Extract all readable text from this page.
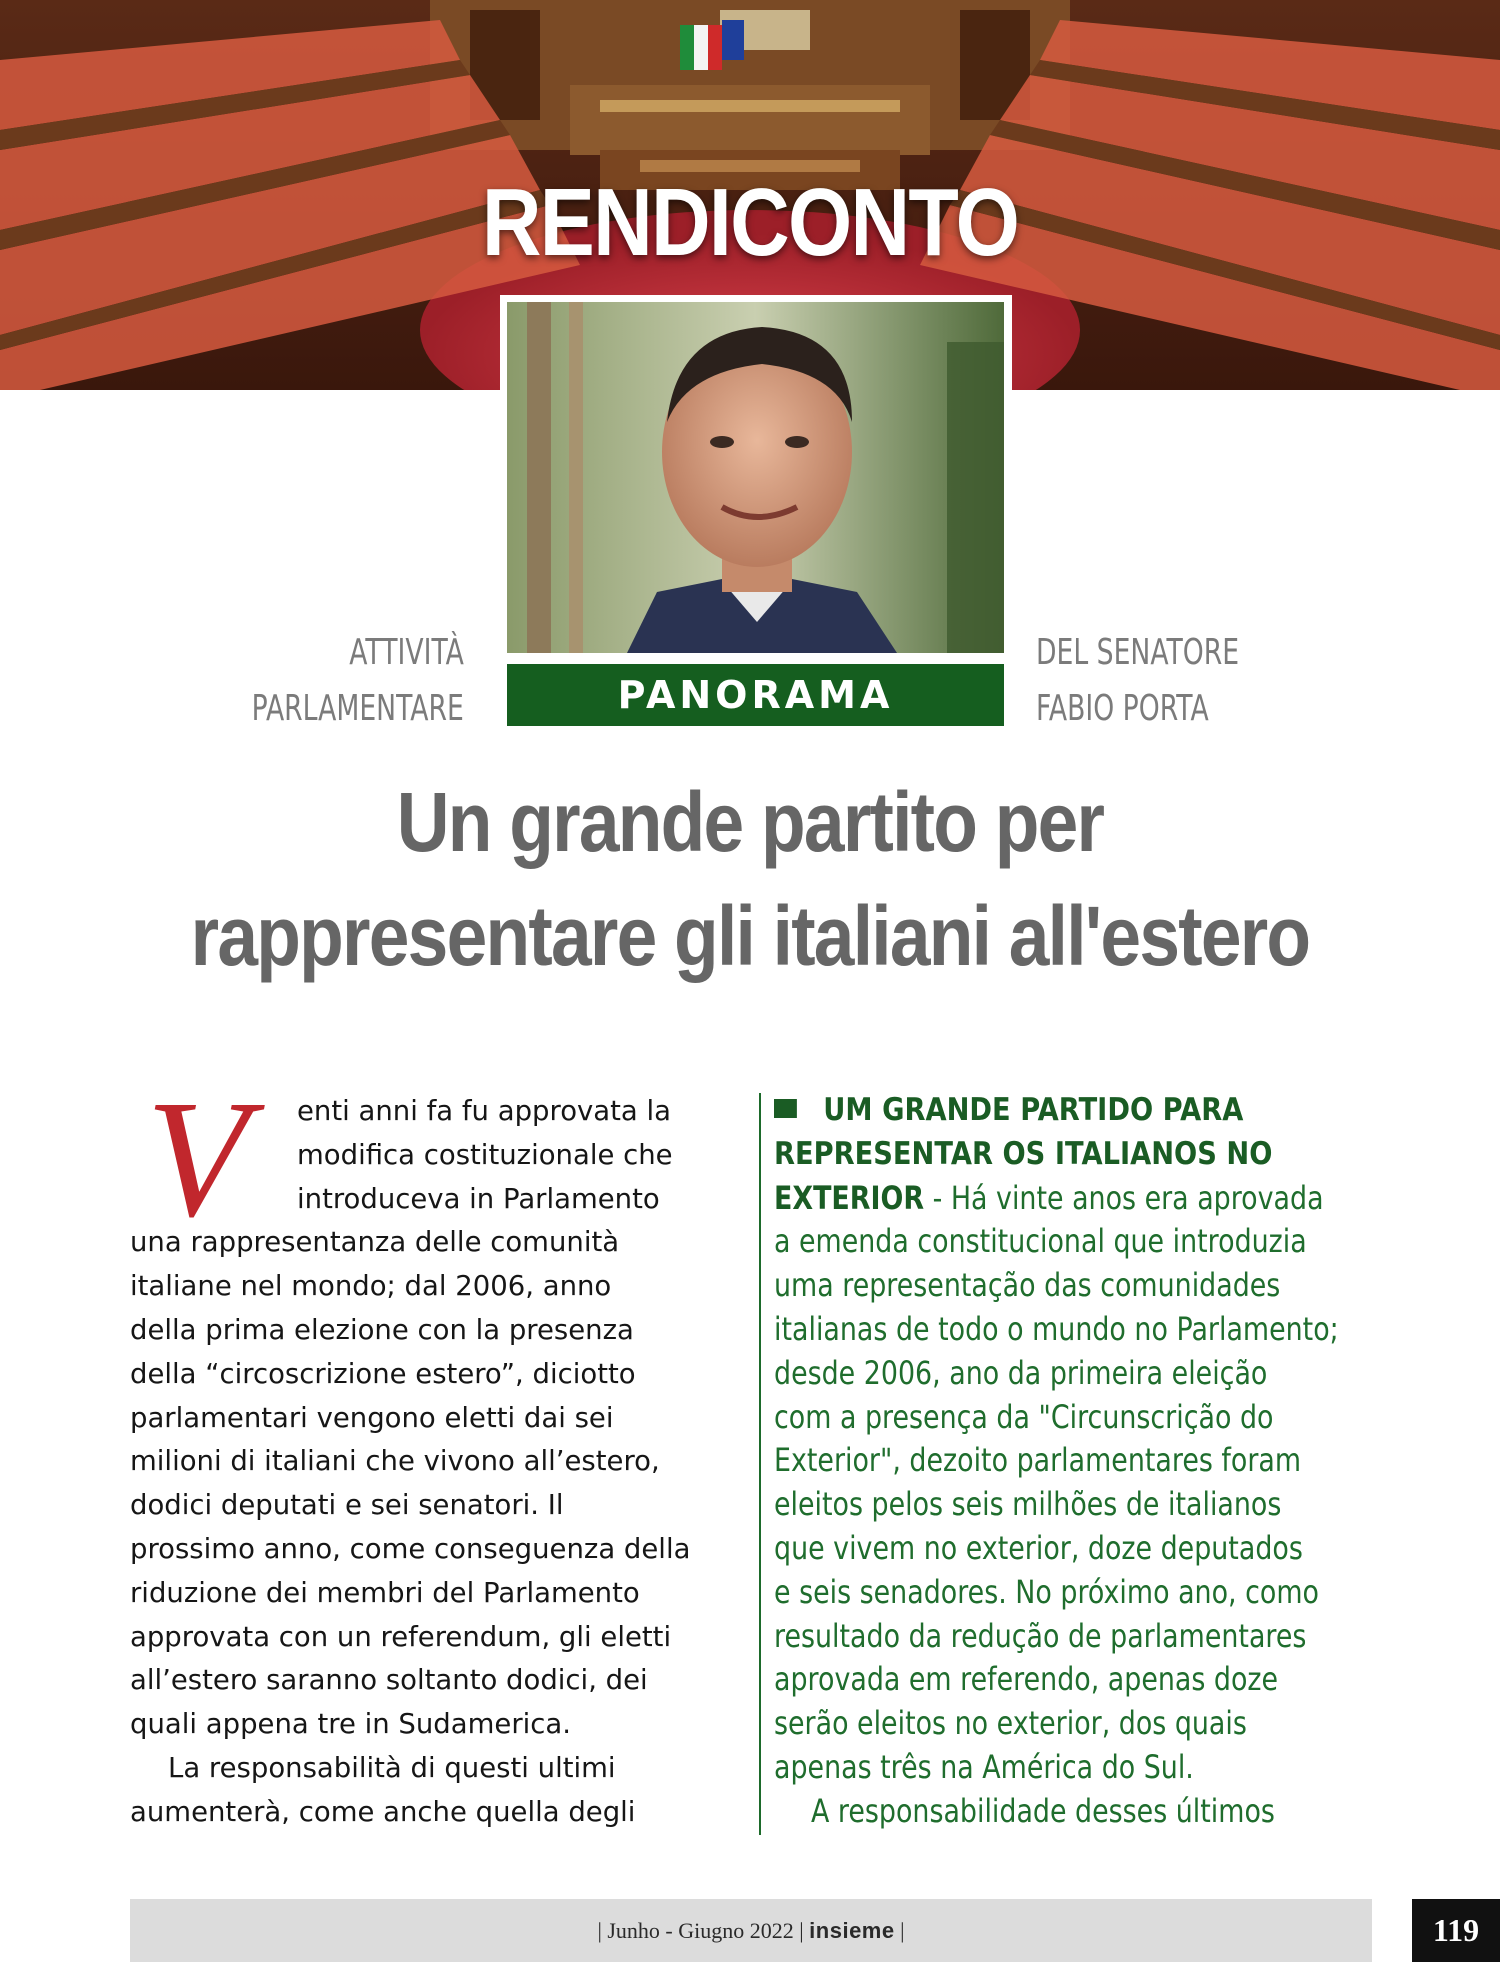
RENDICONTO
PANORAMA
ATTIVITÀ
PARLAMENTARE
DEL SENATORE
FABIO PORTA
Un grande partito per
rappresentare gli italiani all'estero
V	enti anni fa fu approvata la
modifica costituzionale che
introduceva in Parlamento
una rappresentanza delle comunità
italiane nel mondo; dal 2006, anno
della prima elezione con la presenza
della “circoscrizione estero”, diciotto
parlamentari vengono eletti dai sei
milioni di italiani che vivono all’estero,
dodici deputati e sei senatori. Il
prossimo anno, come conseguenza della
riduzione dei membri del Parlamento
approvata con un referendum, gli eletti
all’estero saranno soltanto dodici, dei
quali appena tre in Sudamerica.
La responsabilità di questi ultimi
aumenterà, come anche quella degli
UM GRANDE PARTIDO PARA
REPRESENTAR OS ITALIANOS NO
EXTERIOR - Há vinte anos era aprovada
a emenda constitucional que introduzia
uma representação das comunidades
italianas de todo o mundo no Parlamento;
desde 2006, ano da primeira eleição
com a presença da "Circunscrição do
Exterior", dezoito parlamentares foram
eleitos pelos seis milhões de italianos
que vivem no exterior, doze deputados
e seis senadores. No próximo ano, como
resultado da redução de parlamentares
aprovada em referendo, apenas doze
serão eleitos no exterior, dos quais
apenas três na América do Sul.
A responsabilidade desses últimos
| Junho - Giugno 2022 | insieme |	119
